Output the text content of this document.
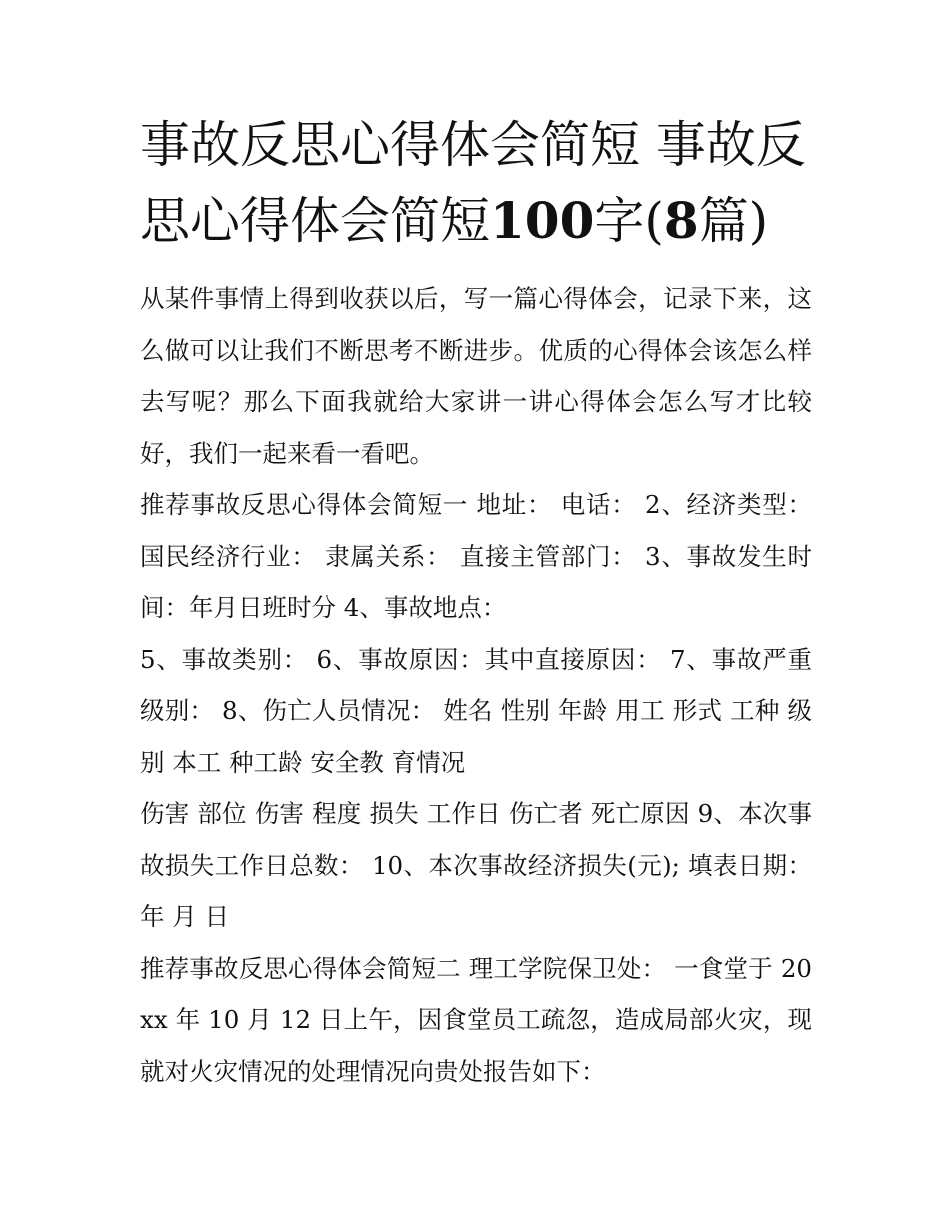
事故反思心得体会简短 事故反思心得体会简短100字(8篇)

从某件事情上得到收获以后，写一篇心得体会，记录下来，这么做可以让我们不断思考不断进步。优质的心得体会该怎么样去写呢？那么下面我就给大家讲一讲心得体会怎么写才比较好，我们一起来看一看吧。

推荐事故反思心得体会简短一 地址： 电话： 2、经济类型： 国民经济行业： 隶属关系： 直接主管部门： 3、事故发生时间：年月日班时分 4、事故地点：

5、事故类别： 6、事故原因：其中直接原因： 7、事故严重级别： 8、伤亡人员情况： 姓名 性别 年龄 用工 形式 工种 级别 本工 种工龄 安全教 育情况

伤害 部位 伤害 程度 损失 工作日 伤亡者 死亡原因 9、本次事故损失工作日总数： 10、本次事故经济损失(元); 填表日期： 年 月 日

推荐事故反思心得体会简短二 理工学院保卫处： 一食堂于 20xx 年 10 月 12 日上午，因食堂员工疏忽，造成局部火灾，现就对火灾情况的处理情况向贵处报告如下：
